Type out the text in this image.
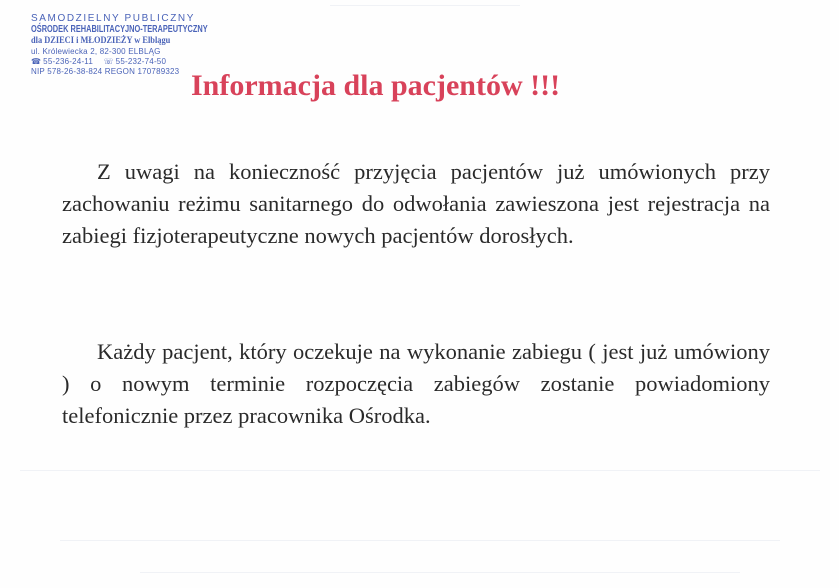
SAMODZIELNY PUBLICZNY
OŚRODEK REHABILITACYJNO-TERAPEUTYCZNY
dla DZIECI i MŁODZIEŻY w Elblągu
ul. Królewiecka 2, 82-300 ELBLĄG
☎ 55-236-24-11 ☏ 55-232-74-50
NIP 578-26-38-824 REGON 170789323 Informacja dla pacjentów !!!

Z uwagi na konieczność przyjęcia pacjentów już umówionych przy zachowaniu reżimu sanitarnego do odwołania zawieszona jest rejestracja na zabiegi fizjoterapeutyczne nowych pacjentów dorosłych.

Każdy pacjent, który oczekuje na wykonanie zabiegu ( jest już umówiony ) o nowym terminie rozpoczęcia zabiegów zostanie powiadomiony telefonicznie przez pracownika Ośrodka.
